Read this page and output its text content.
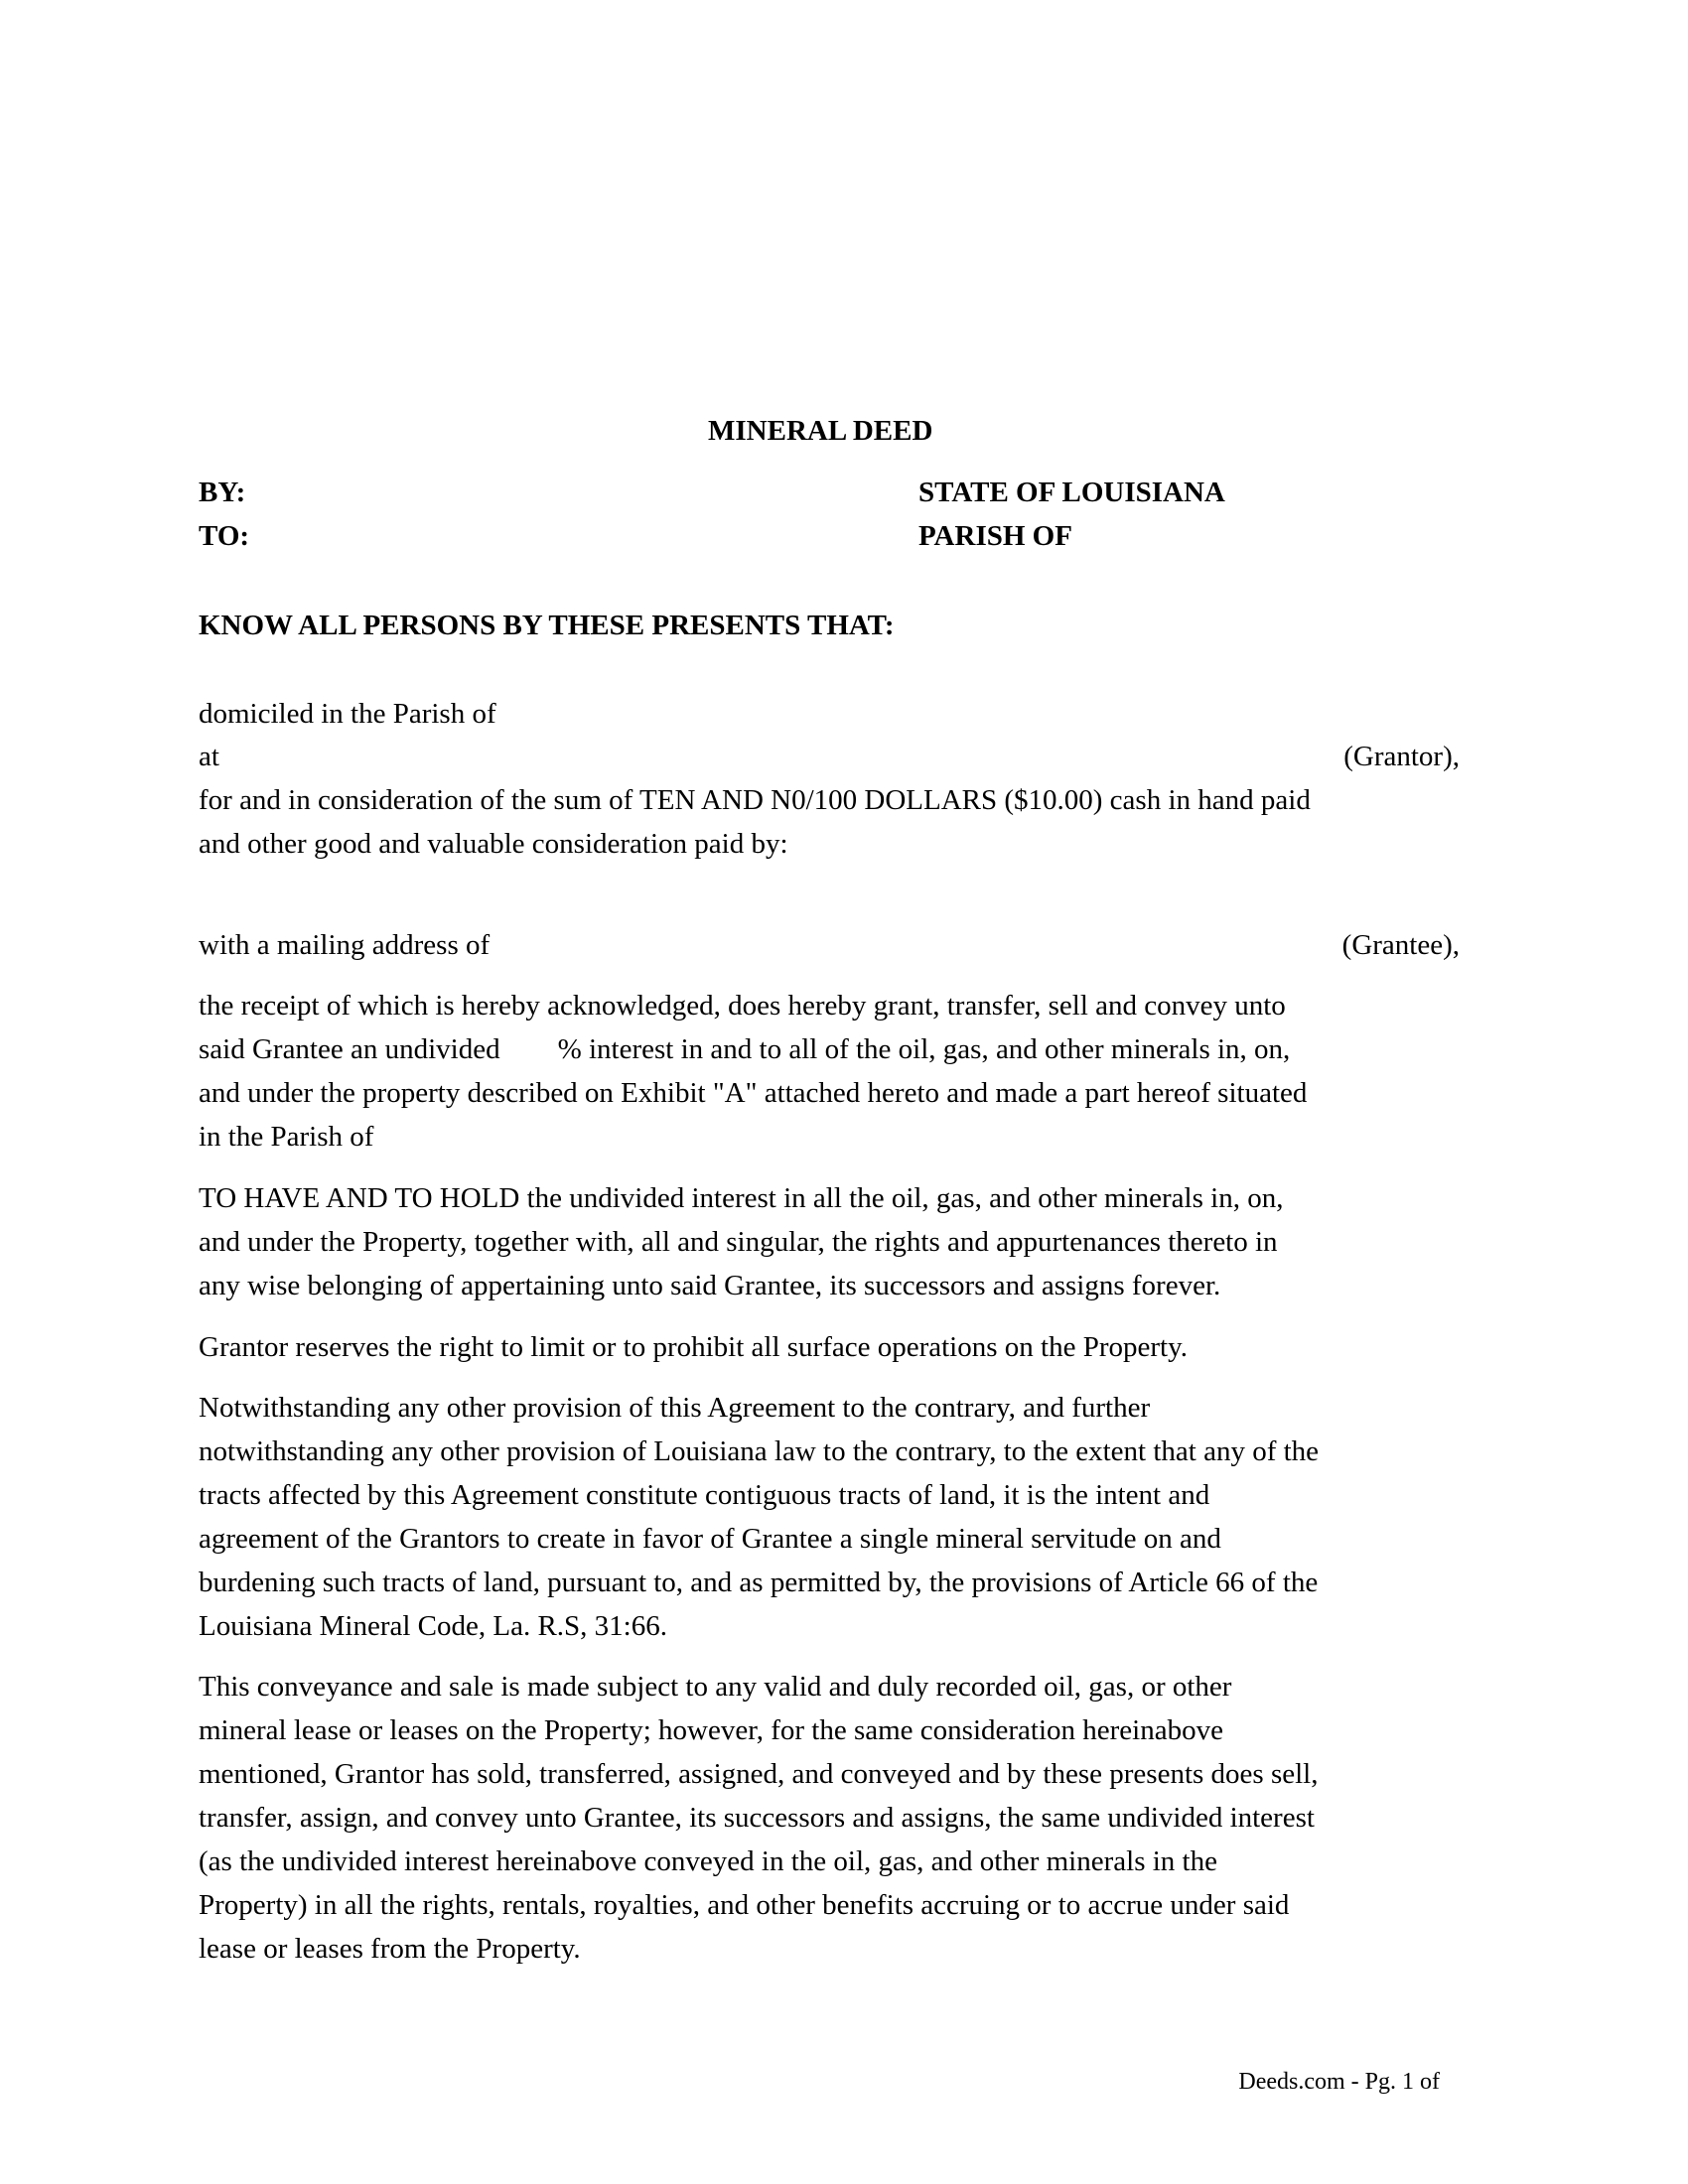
MINERAL DEED

BY:	STATE OF LOUISIANA

TO:	PARISH OF

KNOW ALL PERSONS BY THESE PRESENTS THAT:

domiciled in the Parish of

at	(Grantor),

for and in consideration of the sum of TEN AND N0/100 DOLLARS ($10.00) cash in hand paid

and other good and valuable consideration paid by:

with a mailing address of	(Grantee),

the receipt of which is hereby acknowledged, does hereby grant, transfer, sell and convey unto
said Grantee an undivided        % interest in and to all of the oil, gas, and other minerals in, on,
and under the property described on Exhibit "A" attached hereto and made a part hereof situated
in the Parish of
TO HAVE AND TO HOLD the undivided interest in all the oil, gas, and other minerals in, on,
and under the Property, together with, all and singular, the rights and appurtenances thereto in
any wise belonging of appertaining unto said Grantee, its successors and assigns forever.
Grantor reserves the right to limit or to prohibit all surface operations on the Property.
Notwithstanding any other provision of this Agreement to the contrary, and further
notwithstanding any other provision of Louisiana law to the contrary, to the extent that any of the
tracts affected by this Agreement constitute contiguous tracts of land, it is the intent and
agreement of the Grantors to create in favor of Grantee a single mineral servitude on and
burdening such tracts of land, pursuant to, and as permitted by, the provisions of Article 66 of the
Louisiana Mineral Code, La. R.S, 31:66.
This conveyance and sale is made subject to any valid and duly recorded oil, gas, or other
mineral lease or leases on the Property; however, for the same consideration hereinabove
mentioned, Grantor has sold, transferred, assigned, and conveyed and by these presents does sell,
transfer, assign, and convey unto Grantee, its successors and assigns, the same undivided interest
(as the undivided interest hereinabove conveyed in the oil, gas, and other minerals in the
Property) in all the rights, rentals, royalties, and other benefits accruing or to accrue under said
lease or leases from the Property.
Deeds.com - Pg. 1 of
